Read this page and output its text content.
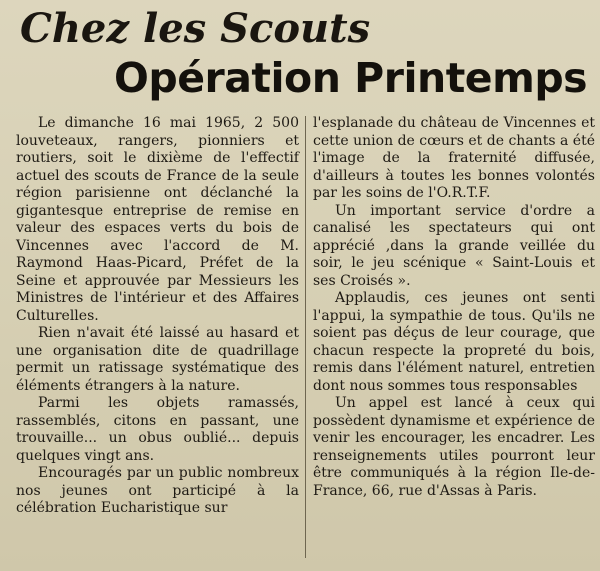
Chez les Scouts
Opération Printemps

Le dimanche 16 mai 1965, 2 500 louveteaux, rangers, pionniers et routiers, soit le dixième de l'effectif actuel des scouts de France de la seule région parisienne ont déclanché la gigantesque entreprise de remise en valeur des espaces verts du bois de Vincennes avec l'accord de M. Raymond Haas-Picard, Préfet de la Seine et approuvée par Messieurs les Ministres de l'intérieur et des Affaires Culturelles.

Rien n'avait été laissé au hasard et une organisation dite de quadrillage permit un ratissage systématique des éléments étrangers à la nature.

Parmi les objets ramassés, rassemblés, citons en passant, une trouvaille... un obus oublié... depuis quelques vingt ans.

Encouragés par un public nombreux nos jeunes ont participé à la célébration Eucharistique sur

l'esplanade du château de Vincennes et cette union de cœurs et de chants a été l'image de la fraternité diffusée, d'ailleurs à toutes les bonnes volontés par les soins de l'O.R.T.F.

Un important service d'ordre a canalisé les spectateurs qui ont apprécié ,dans la grande veillée du soir, le jeu scénique « Saint-Louis et ses Croisés ».

Applaudis, ces jeunes ont senti l'appui, la sympathie de tous. Qu'ils ne soient pas déçus de leur courage, que chacun respecte la propreté du bois, remis dans l'élément naturel, entretien dont nous sommes tous responsables

Un appel est lancé à ceux qui possèdent dynamisme et expérience de venir les encourager, les encadrer. Les renseignements utiles pourront leur être communiqués à la région Ile-de-France, 66, rue d'Assas à Paris.
